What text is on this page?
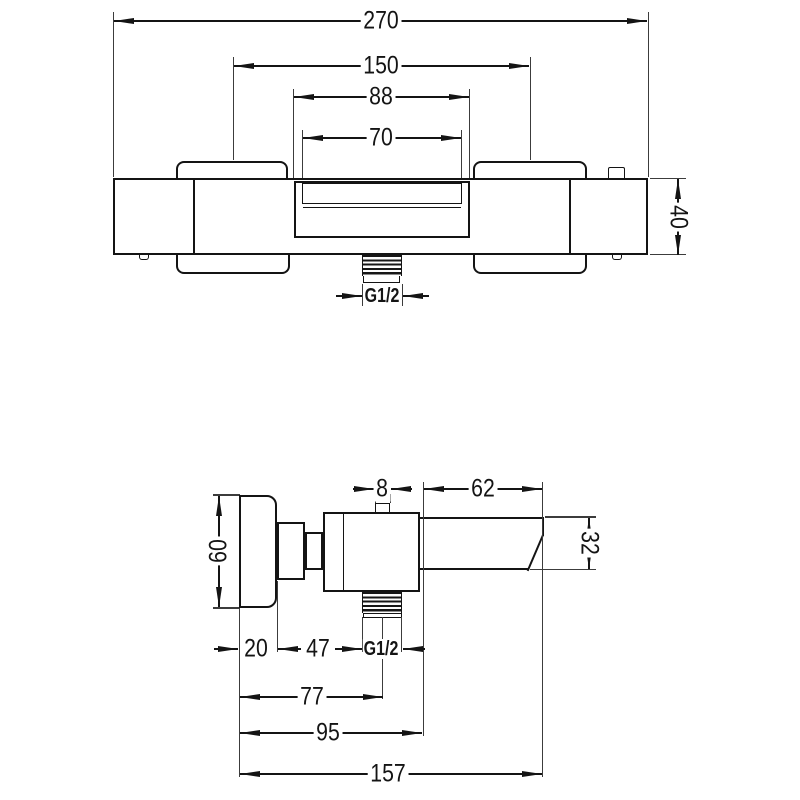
270
150
88
70
G1/2
40
60
8	62
32
20 47 G1/2
77
95
157
